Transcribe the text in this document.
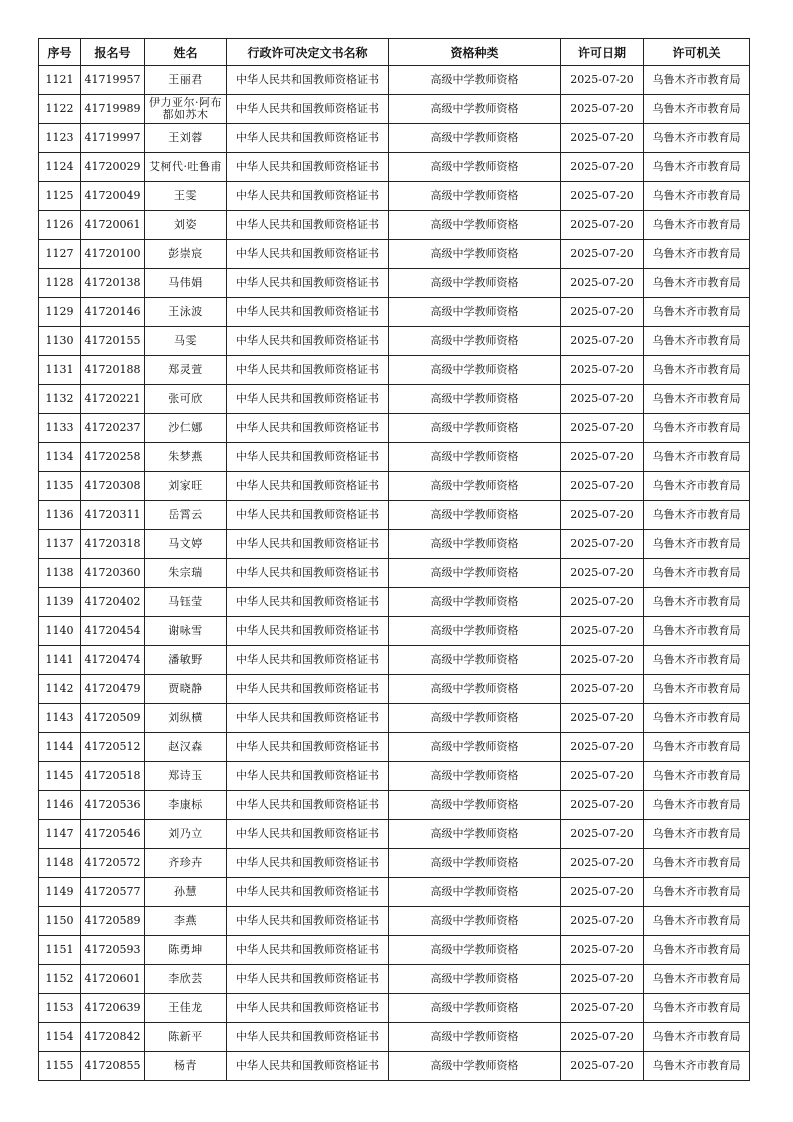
序号	报名号	姓名	行政许可决定文书名称	资格种类	许可日期	许可机关
1121	41719957	王丽君	中华人民共和国教师资格证书	高级中学教师资格	2025-07-20	乌鲁木齐市教育局
1122	41719989	伊力亚尔·阿布都如苏木	中华人民共和国教师资格证书	高级中学教师资格	2025-07-20	乌鲁木齐市教育局
1123	41719997	王刘蓉	中华人民共和国教师资格证书	高级中学教师资格	2025-07-20	乌鲁木齐市教育局
1124	41720029	艾柯代·吐鲁甫	中华人民共和国教师资格证书	高级中学教师资格	2025-07-20	乌鲁木齐市教育局
1125	41720049	王雯	中华人民共和国教师资格证书	高级中学教师资格	2025-07-20	乌鲁木齐市教育局
1126	41720061	刘姿	中华人民共和国教师资格证书	高级中学教师资格	2025-07-20	乌鲁木齐市教育局
1127	41720100	彭崇宸	中华人民共和国教师资格证书	高级中学教师资格	2025-07-20	乌鲁木齐市教育局
1128	41720138	马伟娟	中华人民共和国教师资格证书	高级中学教师资格	2025-07-20	乌鲁木齐市教育局
1129	41720146	王泳波	中华人民共和国教师资格证书	高级中学教师资格	2025-07-20	乌鲁木齐市教育局
1130	41720155	马雯	中华人民共和国教师资格证书	高级中学教师资格	2025-07-20	乌鲁木齐市教育局
1131	41720188	郑灵萱	中华人民共和国教师资格证书	高级中学教师资格	2025-07-20	乌鲁木齐市教育局
1132	41720221	张可欣	中华人民共和国教师资格证书	高级中学教师资格	2025-07-20	乌鲁木齐市教育局
1133	41720237	沙仁娜	中华人民共和国教师资格证书	高级中学教师资格	2025-07-20	乌鲁木齐市教育局
1134	41720258	朱梦燕	中华人民共和国教师资格证书	高级中学教师资格	2025-07-20	乌鲁木齐市教育局
1135	41720308	刘家旺	中华人民共和国教师资格证书	高级中学教师资格	2025-07-20	乌鲁木齐市教育局
1136	41720311	岳霄云	中华人民共和国教师资格证书	高级中学教师资格	2025-07-20	乌鲁木齐市教育局
1137	41720318	马文婷	中华人民共和国教师资格证书	高级中学教师资格	2025-07-20	乌鲁木齐市教育局
1138	41720360	朱宗瑞	中华人民共和国教师资格证书	高级中学教师资格	2025-07-20	乌鲁木齐市教育局
1139	41720402	马钰莹	中华人民共和国教师资格证书	高级中学教师资格	2025-07-20	乌鲁木齐市教育局
1140	41720454	谢咏雪	中华人民共和国教师资格证书	高级中学教师资格	2025-07-20	乌鲁木齐市教育局
1141	41720474	潘敏野	中华人民共和国教师资格证书	高级中学教师资格	2025-07-20	乌鲁木齐市教育局
1142	41720479	贾晓静	中华人民共和国教师资格证书	高级中学教师资格	2025-07-20	乌鲁木齐市教育局
1143	41720509	刘纵横	中华人民共和国教师资格证书	高级中学教师资格	2025-07-20	乌鲁木齐市教育局
1144	41720512	赵汉森	中华人民共和国教师资格证书	高级中学教师资格	2025-07-20	乌鲁木齐市教育局
1145	41720518	郑诗玉	中华人民共和国教师资格证书	高级中学教师资格	2025-07-20	乌鲁木齐市教育局
1146	41720536	李康标	中华人民共和国教师资格证书	高级中学教师资格	2025-07-20	乌鲁木齐市教育局
1147	41720546	刘乃立	中华人民共和国教师资格证书	高级中学教师资格	2025-07-20	乌鲁木齐市教育局
1148	41720572	齐珍卉	中华人民共和国教师资格证书	高级中学教师资格	2025-07-20	乌鲁木齐市教育局
1149	41720577	孙慧	中华人民共和国教师资格证书	高级中学教师资格	2025-07-20	乌鲁木齐市教育局
1150	41720589	李燕	中华人民共和国教师资格证书	高级中学教师资格	2025-07-20	乌鲁木齐市教育局
1151	41720593	陈勇坤	中华人民共和国教师资格证书	高级中学教师资格	2025-07-20	乌鲁木齐市教育局
1152	41720601	李欣芸	中华人民共和国教师资格证书	高级中学教师资格	2025-07-20	乌鲁木齐市教育局
1153	41720639	王佳龙	中华人民共和国教师资格证书	高级中学教师资格	2025-07-20	乌鲁木齐市教育局
1154	41720842	陈新平	中华人民共和国教师资格证书	高级中学教师资格	2025-07-20	乌鲁木齐市教育局
1155	41720855	杨青	中华人民共和国教师资格证书	高级中学教师资格	2025-07-20	乌鲁木齐市教育局
